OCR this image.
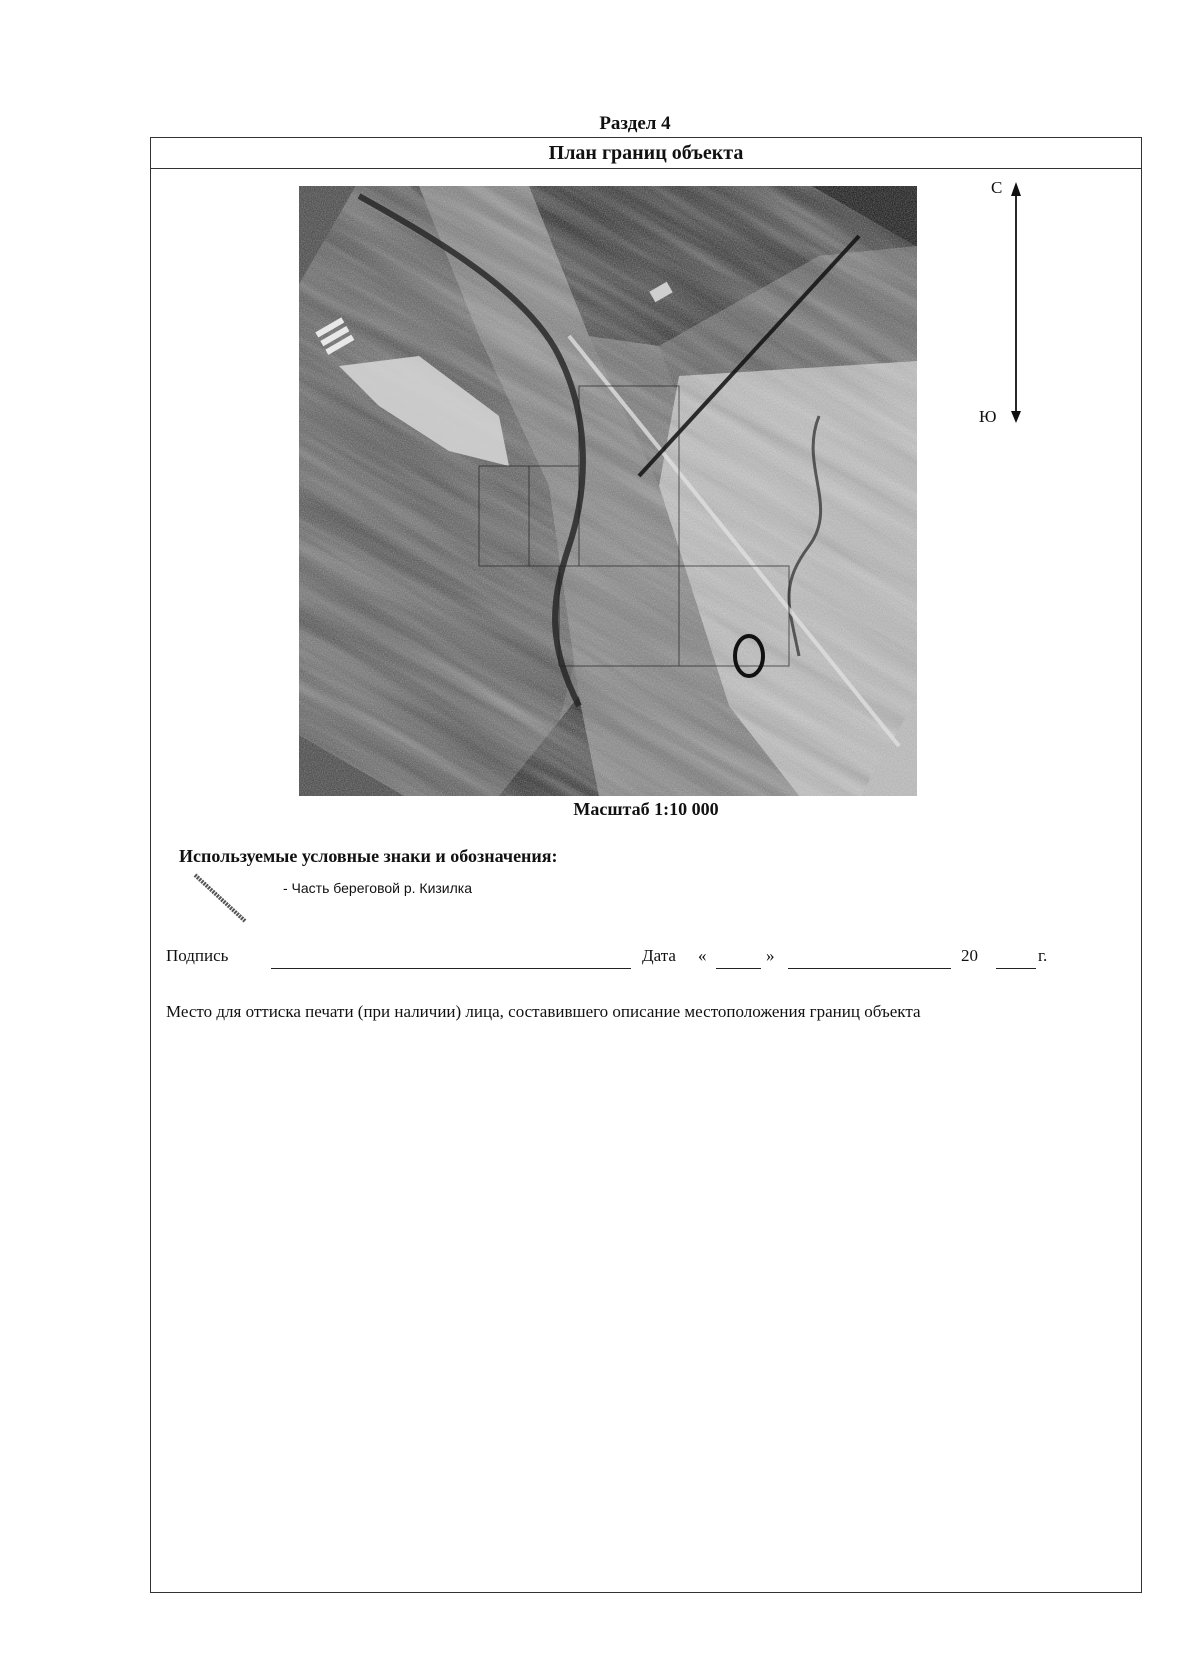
Раздел 4
План границ объекта
С
Ю
Масштаб 1:10 000
Используемые условные знаки и обозначения:
- Часть береговой р. Кизилка
Подпись	Дата «	»	20	г.
Место для оттиска печати (при наличии) лица, составившего описание местоположения границ объекта
